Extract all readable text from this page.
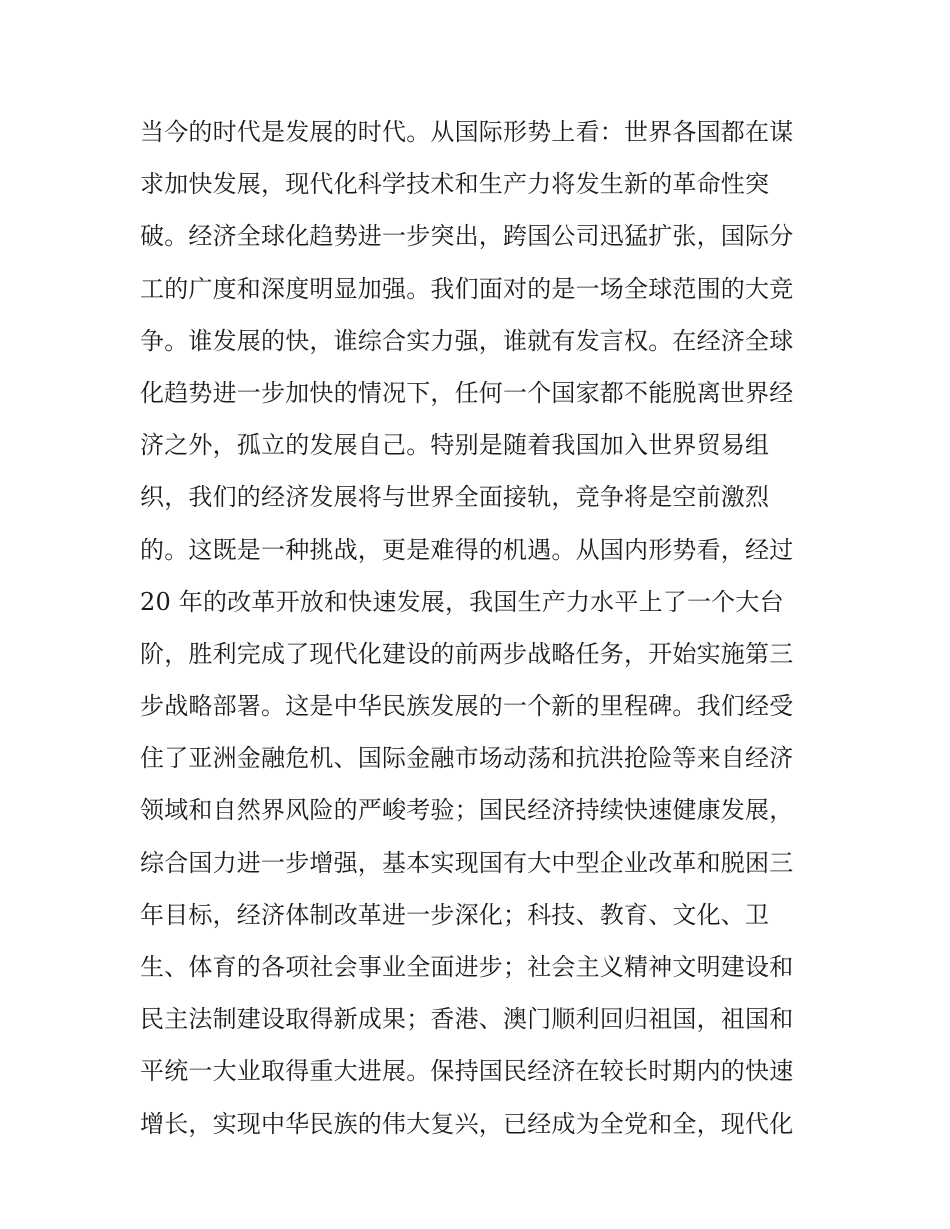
当今的时代是发展的时代。从国际形势上看：世界各国都在谋
求加快发展，现代化科学技术和生产力将发生新的革命性突
破。经济全球化趋势进一步突出，跨国公司迅猛扩张，国际分
工的广度和深度明显加强。我们面对的是一场全球范围的大竞
争。谁发展的快，谁综合实力强，谁就有发言权。在经济全球
化趋势进一步加快的情况下，任何一个国家都不能脱离世界经
济之外，孤立的发展自己。特别是随着我国加入世界贸易组
织，我们的经济发展将与世界全面接轨，竞争将是空前激烈
的。这既是一种挑战，更是难得的机遇。从国内形势看，经过
20 年的改革开放和快速发展，我国生产力水平上了一个大台
阶，胜利完成了现代化建设的前两步战略任务，开始实施第三
步战略部署。这是中华民族发展的一个新的里程碑。我们经受
住了亚洲金融危机、国际金融市场动荡和抗洪抢险等来自经济
领域和自然界风险的严峻考验；国民经济持续快速健康发展，
综合国力进一步增强，基本实现国有大中型企业改革和脱困三
年目标，经济体制改革进一步深化；科技、教育、文化、卫
生、体育的各项社会事业全面进步；社会主义精神文明建设和
民主法制建设取得新成果；香港、澳门顺利回归祖国，祖国和
平统一大业取得重大进展。保持国民经济在较长时期内的快速
增长，实现中华民族的伟大复兴，已经成为全党和全，现代化
